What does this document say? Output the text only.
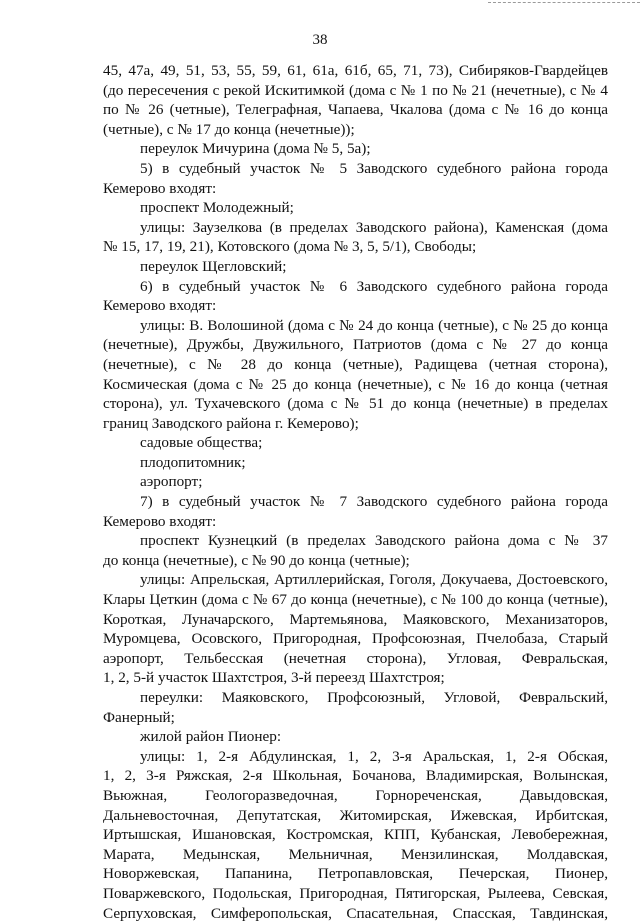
38
45, 47а, 49, 51, 53, 55, 59, 61, 61а, 61б, 65, 71, 73), Сибиряков-Гвардейцев
(до пересечения с рекой Искитимкой (дома с № 1 по № 21 (нечетные), с № 4
по № 26 (четные), Телеграфная, Чапаева, Чкалова (дома с № 16 до конца
(четные), с № 17 до конца (нечетные));
переулок Мичурина (дома № 5, 5а);
5) в судебный участок № 5 Заводского судебного района города
Кемерово входят:
проспект Молодежный;
улицы: Заузелкова (в пределах Заводского района), Каменская (дома
№ 15, 17, 19, 21), Котовского (дома № 3, 5, 5/1), Свободы;
переулок Щегловский;
6) в судебный участок № 6 Заводского судебного района города
Кемерово входят:
улицы: В. Волошиной (дома с № 24 до конца (четные), с № 25 до конца
(нечетные), Дружбы, Двужильного, Патриотов (дома с № 27 до конца
(нечетные), с № 28 до конца (четные), Радищева (четная сторона),
Космическая (дома с № 25 до конца (нечетные), с № 16 до конца (четная
сторона), ул. Тухачевского (дома с № 51 до конца (нечетные) в пределах
границ Заводского района г. Кемерово);
садовые общества;
плодопитомник;
аэропорт;
7) в судебный участок № 7 Заводского судебного района города
Кемерово входят:
проспект Кузнецкий (в пределах Заводского района дома с № 37
до конца (нечетные), с № 90 до конца (четные);
улицы: Апрельская, Артиллерийская, Гоголя, Докучаева, Достоевского,
Клары Цеткин (дома с № 67 до конца (нечетные), с № 100 до конца (четные),
Короткая, Луначарского, Мартемьянова, Маяковского, Механизаторов,
Муромцева, Осовского, Пригородная, Профсоюзная, Пчелобаза, Старый
аэропорт, Тельбесская (нечетная сторона), Угловая, Февральская,
1, 2, 5-й участок Шахтстроя, 3-й переезд Шахтстроя;
переулки: Маяковского, Профсоюзный, Угловой, Февральский,
Фанерный;
жилой район Пионер:
улицы: 1, 2-я Абдулинская, 1, 2, 3-я Аральская, 1, 2-я Обская,
1, 2, 3-я Ряжская, 2-я Школьная, Бочанова, Владимирская, Волынская,
Вьюжная, Геологоразведочная, Горнореченская, Давыдовская,
Дальневосточная, Депутатская, Житомирская, Ижевская, Ирбитская,
Иртышская, Ишановская, Костромская, КПП, Кубанская, Левобережная,
Марата, Медынская, Мельничная, Мензилинская, Молдавская,
Новоржевская, Папанина, Петропавловская, Печерская, Пионер,
Поваржевского, Подольская, Пригородная, Пятигорская, Рылеева, Севская,
Серпуховская, Симферопольская, Спасательная, Спасская, Тавдинская,
